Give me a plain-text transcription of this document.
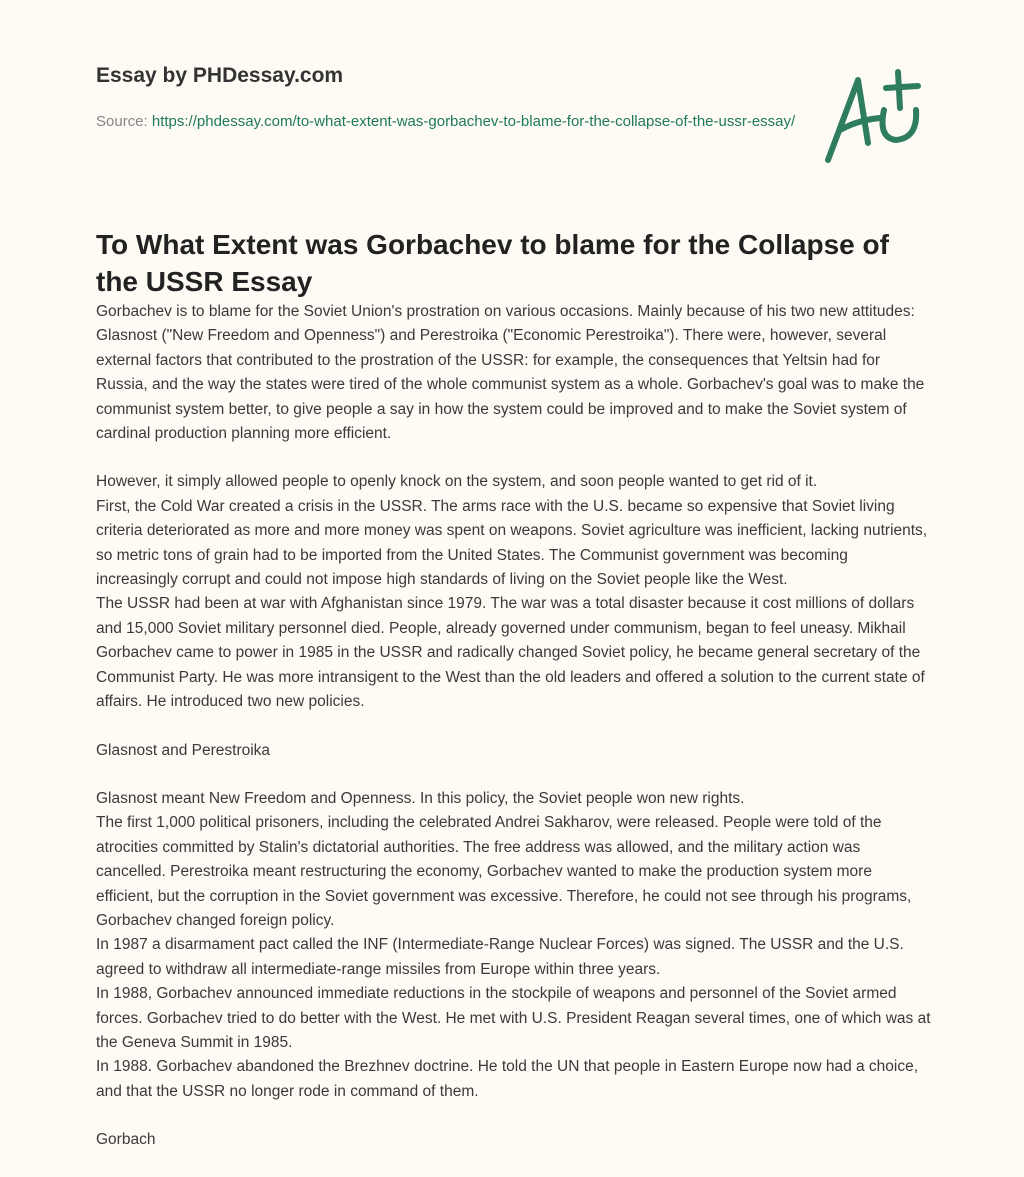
Essay by PHDessay.com

Source: https://phdessay.com/to-what-extent-was-gorbachev-to-blame-for-the-collapse-of-the-ussr-essay/
To What Extent was Gorbachev to blame for the Collapse of the USSR Essay

Gorbachev is to blame for the Soviet Union's prostration on various occasions. Mainly because of his two new attitudes: Glasnost ("New Freedom and Openness") and Perestroika ("Economic Perestroika"). There were, however, several external factors that contributed to the prostration of the USSR: for example, the consequences that Yeltsin had for Russia, and the way the states were tired of the whole communist system as a whole. Gorbachev's goal was to make the communist system better, to give people a say in how the system could be improved and to make the Soviet system of cardinal production planning more efficient.

However, it simply allowed people to openly knock on the system, and soon people wanted to get rid of it.
First, the Cold War created a crisis in the USSR. The arms race with the U.S. became so expensive that Soviet living criteria deteriorated as more and more money was spent on weapons. Soviet agriculture was inefficient, lacking nutrients, so metric tons of grain had to be imported from the United States. The Communist government was becoming increasingly corrupt and could not impose high standards of living on the Soviet people like the West.
The USSR had been at war with Afghanistan since 1979. The war was a total disaster because it cost millions of dollars and 15,000 Soviet military personnel died. People, already governed under communism, began to feel uneasy. Mikhail Gorbachev came to power in 1985 in the USSR and radically changed Soviet policy, he became general secretary of the Communist Party. He was more intransigent to the West than the old leaders and offered a solution to the current state of affairs. He introduced two new policies.

Glasnost and Perestroika

Glasnost meant New Freedom and Openness. In this policy, the Soviet people won new rights.
The first 1,000 political prisoners, including the celebrated Andrei Sakharov, were released. People were told of the atrocities committed by Stalin's dictatorial authorities. The free address was allowed, and the military action was cancelled. Perestroika meant restructuring the economy, Gorbachev wanted to make the production system more efficient, but the corruption in the Soviet government was excessive. Therefore, he could not see through his programs, Gorbachev changed foreign policy.
In 1987 a disarmament pact called the INF (Intermediate-Range Nuclear Forces) was signed. The USSR and the U.S. agreed to withdraw all intermediate-range missiles from Europe within three years.
In 1988, Gorbachev announced immediate reductions in the stockpile of weapons and personnel of the Soviet armed forces. Gorbachev tried to do better with the West. He met with U.S. President Reagan several times, one of which was at the Geneva Summit in 1985.
In 1988. Gorbachev abandoned the Brezhnev doctrine. He told the UN that people in Eastern Europe now had a choice, and that the USSR no longer rode in command of them.

Gorbach
